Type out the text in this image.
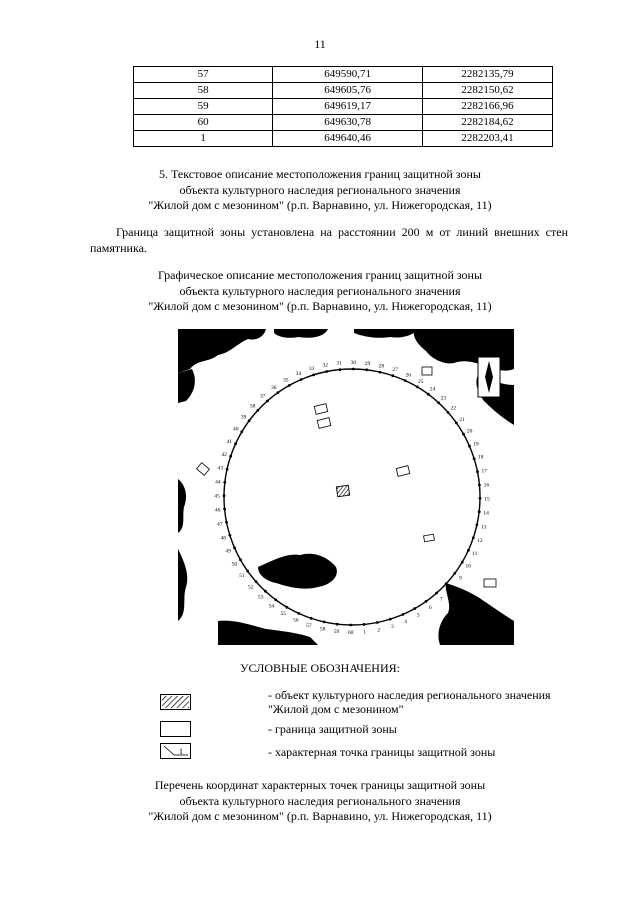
11
57	649590,71	2282135,79
58	649605,76	2282150,62
59	649619,17	2282166,96
60	649630,78	2282184,62
1	649640,46	2282203,41
5. Текстовое описание местоположения границ защитной зоны
объекта культурного наследия регионального значения
"Жилой дом с мезонином" (р.п. Варнавино, ул. Нижегородская, 11)
Граница защитной зоны установлена на расстоянии 200 м от линий внешних стен памятника.
Графическое описание местоположения границ защитной зоны
объекта культурного наследия регионального значения
"Жилой дом с мезонином" (р.п. Варнавино, ул. Нижегородская, 11)
1 2
3
4
5
6
7
8
9
10
11
12
13
14
15
16
17
18
19
20
21
22
23
24
25
26
27
28
29
30
31
32
33
34
35
36
37
38
39
40
41
42
43
44
45
46
47
48
49
50
51
52
53
54
55
56
57
58 59 60
УСЛОВНЫЕ ОБОЗНАЧЕНИЯ:
- объект культурного наследия регионального значения "Жилой дом с мезонином"
- граница защитной зоны
1	- характерная точка границы защитной зоны
Перечень координат характерных точек границы защитной зоны
объекта культурного наследия регионального значения
"Жилой дом с мезонином" (р.п. Варнавино, ул. Нижегородская, 11)
